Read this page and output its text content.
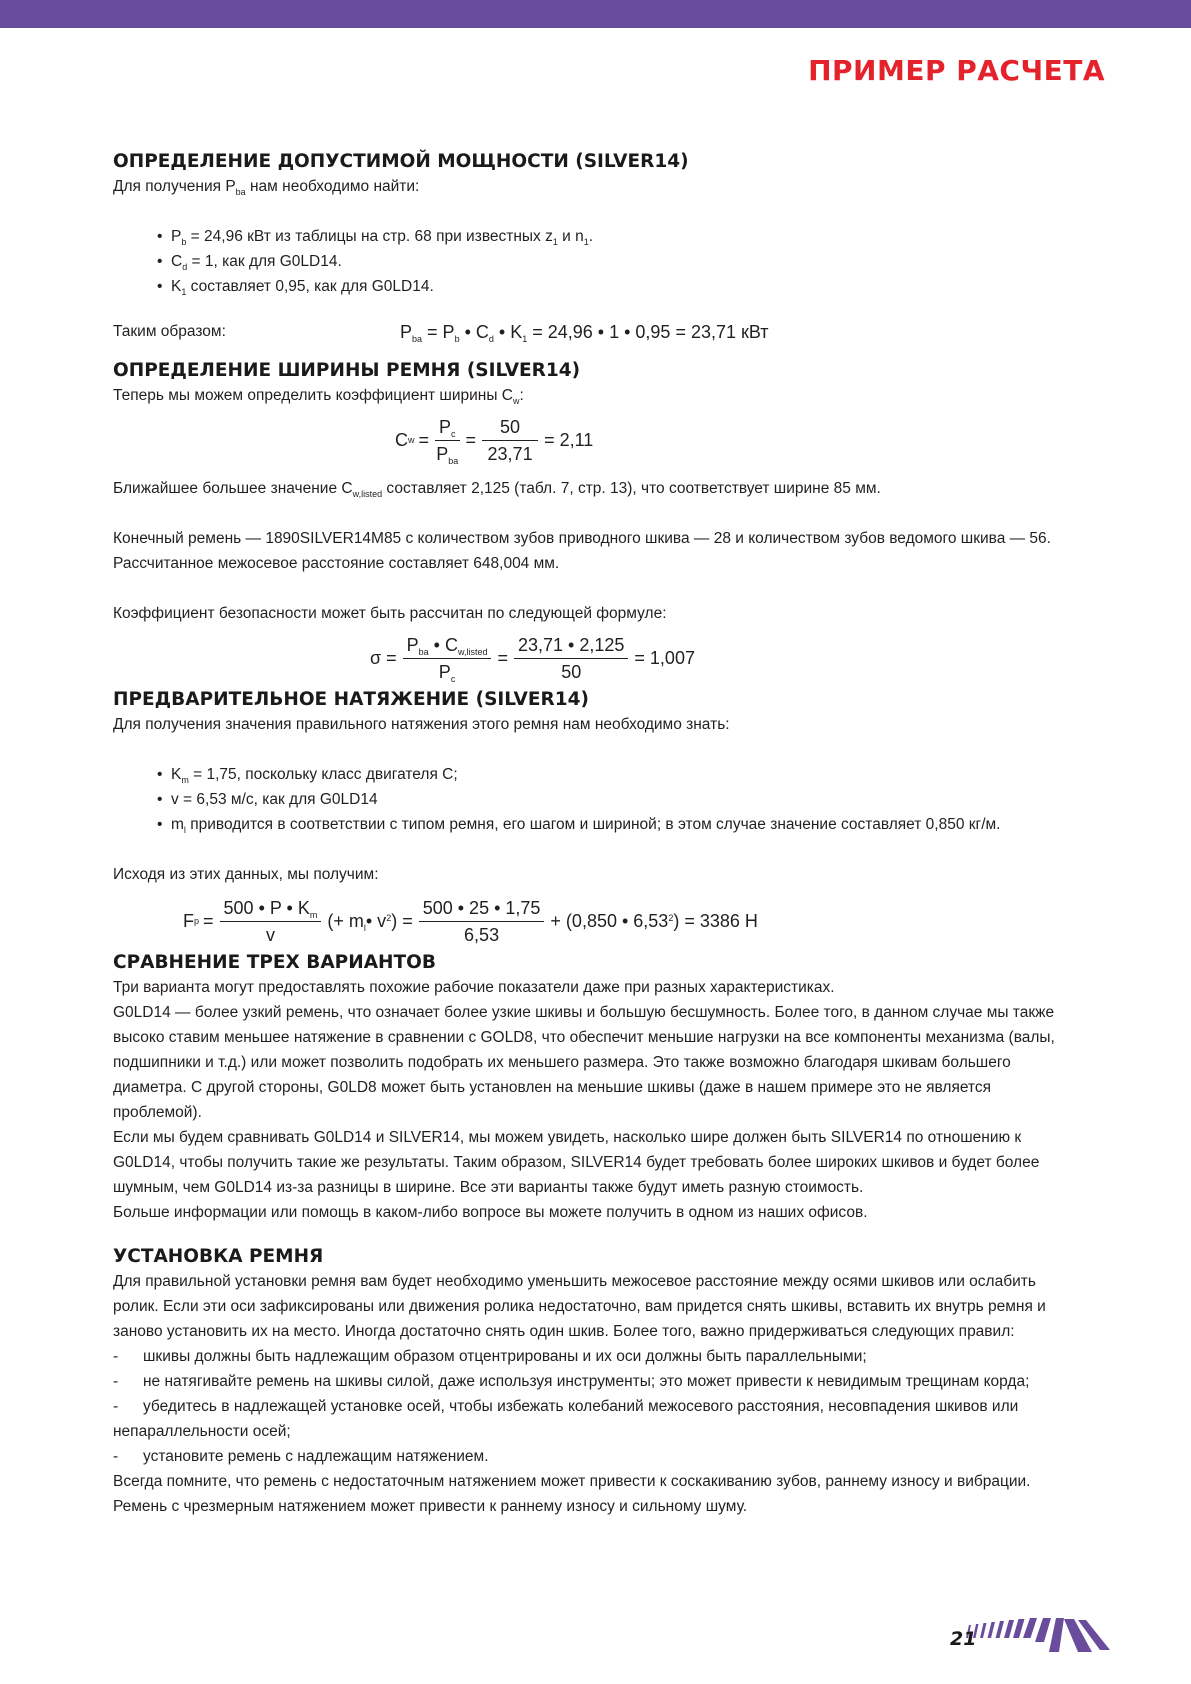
ПРИМЕР РАСЧЕТА
ОПРЕДЕЛЕНИЕ ДОПУСТИМОЙ МОЩНОСТИ (SILVER14)

Для получения $P_{ba}$ нам необходимо найти:

• $P_b = 24,96$ кВт из таблицы на стр. 68 при известных $z_1$ и $n_1$.
• $C_d = 1$, как для G0LD14.
• $K_1$ составляет 0,95, как для G0LD14.
Таким образом:	$P_{ba} = P_b$ • $C_d$ • $K_1 = 24,96$ • 1 • 0,95 = 23,71 кВт
ОПРЕДЕЛЕНИЕ ШИРИНЫ РЕМНЯ (SILVER14)

Теперь мы можем определить коэффициент ширины $C_w$:

C $w = \frac{P_c}{P_{ba}} = \frac{50}{23,71} = 2,11$

Ближайшее большее значение $C_{w,listed}$ составляет 2,125 (табл. 7, стр. 13), что соответствует ширине 85 мм.

Конечный ремень — 1890SILVER14M85 с количеством зубов приводного шкива — 28 и количеством зубов ведомого шкива — 56.

Рассчитанное межосевое расстояние составляет 648,004 мм.

Коэффициент безопасности может быть рассчитан по следующей формуле:

$\sigma = \frac{P_{ba} • C_{w,listed}}{P_c} = \frac{23,71 • 2,125}{50} = 1,007$
ПРЕДВАРИТЕЛЬНОЕ НАТЯЖЕНИЕ (SILVER14)

Для получения значения правильного натяжения этого ремня нам необходимо знать:

• $K_m = 1,75$, поскольку класс двигателя C;
• v = 6,53 м/с, как для G0LD14
• $m_l$ приводится в соответствии с типом ремня, его шагом и шириной; в этом случае значение составляет 0,850 кг/м.

Исходя из этих данных, мы получим:

F $p = \frac{500 • P • K_m}{v}$ (+ $m_l•$ $v^2) = \frac{500 • 25 • 1,75}{6,53} + (0,850$ • $6,53^2) = 3386$ Н
СРАВНЕНИЕ ТРЕХ ВАРИАНТОВ

Три варианта могут предоставлять похожие рабочие показатели даже при разных характеристиках.

G0LD14 — более узкий ремень, что означает более узкие шкивы и большую бесшумность. Более того, в данном случае мы также

высоко ставим меньшее натяжение в сравнении с GOLD8, что обеспечит меньшие нагрузки на все компоненты механизма (валы,

подшипники и т.д.) или может позволить подобрать их меньшего размера. Это также возможно благодаря шкивам большего

диаметра. С другой стороны, G0LD8 может быть установлен на меньшие шкивы (даже в нашем примере это не является

проблемой).

Если мы будем сравнивать G0LD14 и SILVER14, мы можем увидеть, насколько шире должен быть SILVER14 по отношению к

G0LD14, чтобы получить такие же результаты. Таким образом, SILVER14 будет требовать более широких шкивов и будет более

шумным, чем G0LD14 из-за разницы в ширине. Все эти варианты также будут иметь разную стоимость.

Больше информации или помощь в каком-либо вопросе вы можете получить в одном из наших офисов.

УСТАНОВКА РЕМНЯ

Для правильной установки ремня вам будет необходимо уменьшить межосевое расстояние между осями шкивов или ослабить

ролик. Если эти оси зафиксированы или движения ролика недостаточно, вам придется снять шкивы, вставить их внутрь ремня и

заново установить их на место. Иногда достаточно снять один шкив. Более того, важно придерживаться следующих правил:

- шкивы должны быть надлежащим образом отцентрированы и их оси должны быть параллельными;
- не натягивайте ремень на шкивы силой, даже используя инструменты; это может привести к невидимым трещинам корда;
- убедитесь в надлежащей установке осей, чтобы избежать колебаний межосевого расстояния, несовпадения шкивов или

непараллельности осей;

- установите ремень с надлежащим натяжением.

Всегда помните, что ремень с недостаточным натяжением может привести к соскакиванию зубов, раннему износу и вибрации.

Ремень с чрезмерным натяжением может привести к раннему износу и сильному шуму.

21
